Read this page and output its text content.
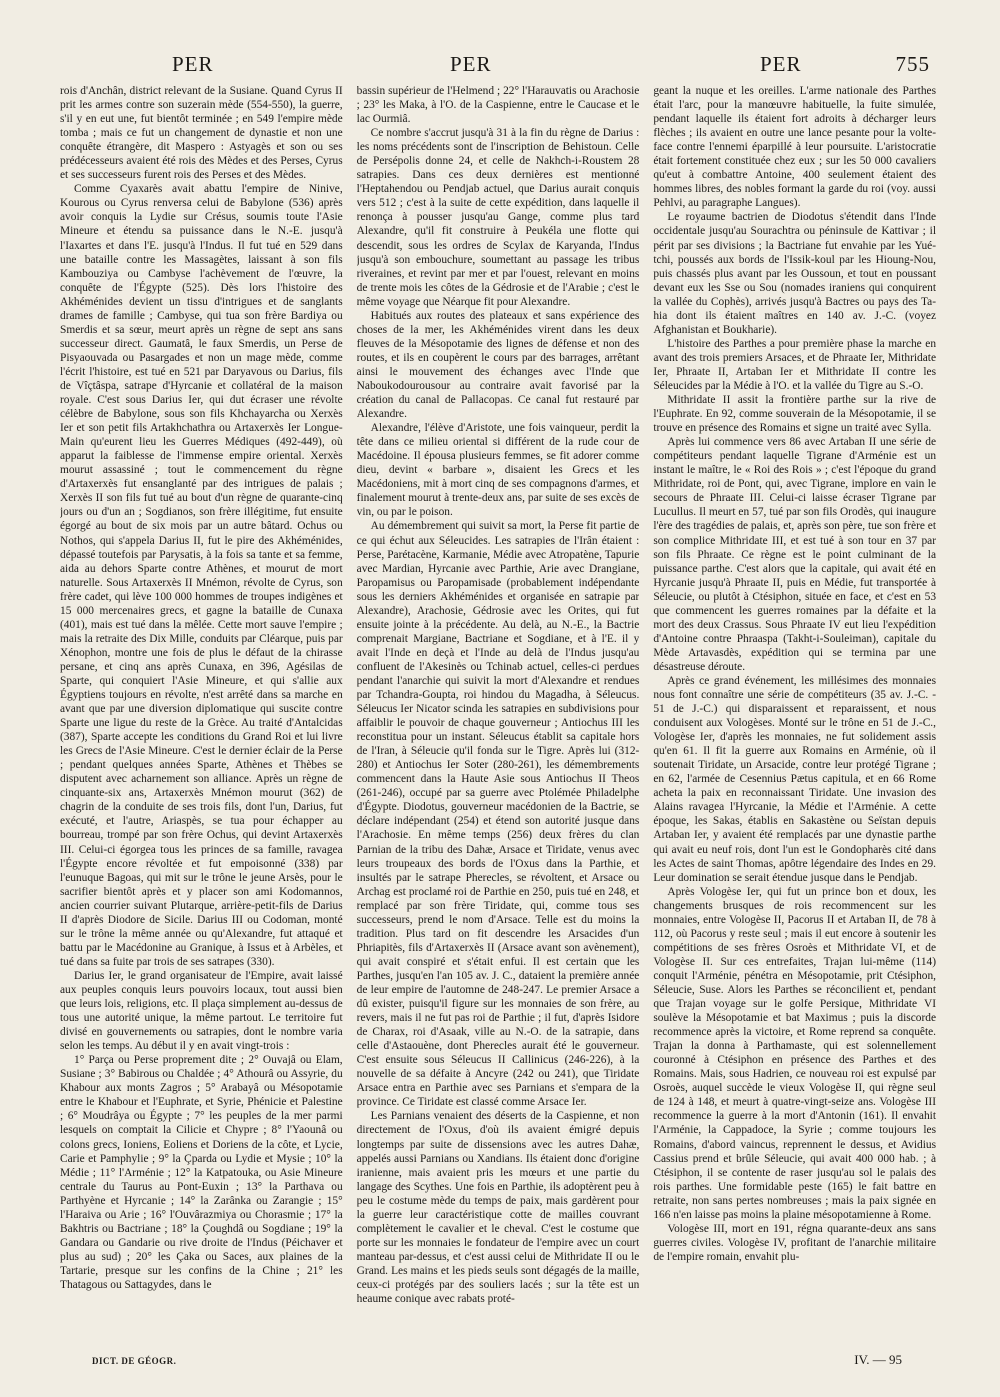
PER	PER	PER	755

rois d'Anchân, district relevant de la Susiane. Quand Cyrus II prit les armes contre son suzerain mède (554-550), la guerre, s'il y en eut une, fut bientôt terminée ; en 549 l'empire mède tomba ; mais ce fut un changement de dynastie et non une conquête étrangère, dit Maspero : Astyagès et son ou ses prédécesseurs avaient été rois des Mèdes et des Perses, Cyrus et ses successeurs furent rois des Perses et des Mèdes.

Comme Cyaxarès avait abattu l'empire de Ninive, Kourous ou Cyrus renversa celui de Babylone (536) après avoir conquis la Lydie sur Crésus, soumis toute l'Asie Mineure et étendu sa puissance dans le N.-E. jusqu'à l'Iaxartes et dans l'E. jusqu'à l'Indus. Il fut tué en 529 dans une bataille contre les Massagètes, laissant à son fils Kambouziya ou Cambyse l'achèvement de l'œuvre, la conquête de l'Égypte (525). Dès lors l'histoire des Akhéménides devient un tissu d'intrigues et de sanglants drames de famille ; Cambyse, qui tua son frère Bardiya ou Smerdis et sa sœur, meurt après un règne de sept ans sans successeur direct. Gaumatâ, le faux Smerdis, un Perse de Pisyaouvada ou Pasargades et non un mage mède, comme l'écrit l'histoire, est tué en 521 par Daryavous ou Darius, fils de Vîçtâspa, satrape d'Hyrcanie et collatéral de la maison royale. C'est sous Darius Ier, qui dut écraser une révolte célèbre de Babylone, sous son fils Khchayarcha ou Xerxès Ier et son petit fils Artakhchathra ou Artaxerxès Ier Longue-Main qu'eurent lieu les Guerres Médiques (492-449), où apparut la faiblesse de l'immense empire oriental. Xerxès mourut assassiné ; tout le commencement du règne d'Artaxerxès fut ensanglanté par des intrigues de palais ; Xerxès II son fils fut tué au bout d'un règne de quarante-cinq jours ou d'un an ; Sogdianos, son frère illégitime, fut ensuite égorgé au bout de six mois par un autre bâtard. Ochus ou Nothos, qui s'appela Darius II, fut le pire des Akhéménides, dépassé toutefois par Parysatis, à la fois sa tante et sa femme, aida au dehors Sparte contre Athènes, et mourut de mort naturelle. Sous Artaxerxès II Mnémon, révolte de Cyrus, son frère cadet, qui lève 100 000 hommes de troupes indigènes et 15 000 mercenaires grecs, et gagne la bataille de Cunaxa (401), mais est tué dans la mêlée. Cette mort sauve l'empire ; mais la retraite des Dix Mille, conduits par Cléarque, puis par Xénophon, montre une fois de plus le défaut de la chirasse persane, et cinq ans après Cunaxa, en 396, Agésilas de Sparte, qui conquiert l'Asie Mineure, et qui s'allie aux Égyptiens toujours en révolte, n'est arrêté dans sa marche en avant que par une diversion diplomatique qui suscite contre Sparte une ligue du reste de la Grèce. Au traité d'Antalcidas (387), Sparte accepte les conditions du Grand Roi et lui livre les Grecs de l'Asie Mineure. C'est le dernier éclair de la Perse ; pendant quelques années Sparte, Athènes et Thèbes se disputent avec acharnement son alliance. Après un règne de cinquante-six ans, Artaxerxès Mnémon mourut (362) de chagrin de la conduite de ses trois fils, dont l'un, Darius, fut exécuté, et l'autre, Ariaspès, se tua pour échapper au bourreau, trompé par son frère Ochus, qui devint Artaxerxès III. Celui-ci égorgea tous les princes de sa famille, ravagea l'Égypte encore révoltée et fut empoisonné (338) par l'eunuque Bagoas, qui mit sur le trône le jeune Arsès, pour le sacrifier bientôt après et y placer son ami Kodomannos, ancien courrier suivant Plutarque, arrière-petit-fils de Darius II d'après Diodore de Sicile. Darius III ou Codoman, monté sur le trône la même année ou qu'Alexandre, fut attaqué et battu par le Macédonine au Granique, à Issus et à Arbèles, et tué dans sa fuite par trois de ses satrapes (330).

Darius Ier, le grand organisateur de l'Empire, avait laissé aux peuples conquis leurs pouvoirs locaux, tout aussi bien que leurs lois, religions, etc. Il plaça simplement au-dessus de tous une autorité unique, la même partout. Le territoire fut divisé en gouvernements ou satrapies, dont le nombre varia selon les temps. Au début il y en avait vingt-trois :

1° Parça ou Perse proprement dite ; 2° Ouvajâ ou Elam, Susiane ; 3° Babirous ou Chaldée ; 4° Athourâ ou Assyrie, du Khabour aux monts Zagros ; 5° Arabayâ ou Mésopotamie entre le Khabour et l'Euphrate, et Syrie, Phénicie et Palestine ; 6° Moudrâya ou Égypte ; 7° les peuples de la mer parmi lesquels on comptait la Cilicie et Chypre ; 8° l'Yaounâ ou colons grecs, Ioniens, Eoliens et Doriens de la côte, et Lycie, Carie et Pamphylie ; 9° la Çparda ou Lydie et Mysie ; 10° la Médie ; 11° l'Arménie ; 12° la Katpatouka, ou Asie Mineure centrale du Taurus au Pont-Euxin ; 13° la Parthava ou Parthyène et Hyrcanie ; 14° la Zarânka ou Zarangie ; 15° l'Haraiva ou Arie ; 16° l'Ouvârazmiya ou Chorasmie ; 17° la Bakhtris ou Bactriane ; 18° la Çoughdâ ou Sogdiane ; 19° la Gandara ou Gandarie ou rive droite de l'Indus (Péichaver et plus au sud) ; 20° les Çaka ou Saces, aux plaines de la Tartarie, presque sur les confins de la Chine ; 21° les Thatagous ou Sattagydes, dans le

bassin supérieur de l'Helmend ; 22° l'Harauvatis ou Arachosie ; 23° les Maka, à l'O. de la Caspienne, entre le Caucase et le lac Ourmiâ.

Ce nombre s'accrut jusqu'à 31 à la fin du règne de Darius : les noms précédents sont de l'inscription de Behistoun. Celle de Persépolis donne 24, et celle de Nakhch-i-Roustem 28 satrapies. Dans ces deux dernières est mentionné l'Heptahendou ou Pendjab actuel, que Darius aurait conquis vers 512 ; c'est à la suite de cette expédition, dans laquelle il renonça à pousser jusqu'au Gange, comme plus tard Alexandre, qu'il fit construire à Peukéla une flotte qui descendit, sous les ordres de Scylax de Karyanda, l'Indus jusqu'à son embouchure, soumettant au passage les tribus riveraines, et revint par mer et par l'ouest, relevant en moins de trente mois les côtes de la Gédrosie et de l'Arabie ; c'est le même voyage que Néarque fit pour Alexandre.

Habitués aux routes des plateaux et sans expérience des choses de la mer, les Akhéménides virent dans les deux fleuves de la Mésopotamie des lignes de défense et non des routes, et ils en coupèrent le cours par des barrages, arrêtant ainsi le mouvement des échanges avec l'Inde que Naboukodourousour au contraire avait favorisé par la création du canal de Pallacopas. Ce canal fut restauré par Alexandre.

Alexandre, l'élève d'Aristote, une fois vainqueur, perdit la tête dans ce milieu oriental si différent de la rude cour de Macédoine. Il épousa plusieurs femmes, se fit adorer comme dieu, devint « barbare », disaient les Grecs et les Macédoniens, mit à mort cinq de ses compagnons d'armes, et finalement mourut à trente-deux ans, par suite de ses excès de vin, ou par le poison.

Au démembrement qui suivit sa mort, la Perse fit partie de ce qui échut aux Séleucides. Les satrapies de l'Irân étaient : Perse, Parétacène, Karmanie, Médie avec Atropatène, Tapurie avec Mardian, Hyrcanie avec Parthie, Arie avec Drangiane, Paropamisus ou Paropamisade (probablement indépendante sous les derniers Akhéménides et organisée en satrapie par Alexandre), Arachosie, Gédrosie avec les Orites, qui fut ensuite jointe à la précédente. Au delà, au N.-E., la Bactrie comprenait Margiane, Bactriane et Sogdiane, et à l'E. il y avait l'Inde en deçà et l'Inde au delà de l'Indus jusqu'au confluent de l'Akesinès ou Tchinab actuel, celles-ci perdues pendant l'anarchie qui suivit la mort d'Alexandre et rendues par Tchandra-Goupta, roi hindou du Magadha, à Séleucus. Séleucus Ier Nicator scinda les satrapies en subdivisions pour affaiblir le pouvoir de chaque gouverneur ; Antiochus III les reconstitua pour un instant. Séleucus établit sa capitale hors de l'Iran, à Séleucie qu'il fonda sur le Tigre. Après lui (312-280) et Antiochus Ier Soter (280-261), les démembrements commencent dans la Haute Asie sous Antiochus II Theos (261-246), occupé par sa guerre avec Ptolémée Philadelphe d'Égypte. Diodotus, gouverneur macédonien de la Bactrie, se déclare indépendant (254) et étend son autorité jusque dans l'Arachosie. En même temps (256) deux frères du clan Parnian de la tribu des Dahæ, Arsace et Tiridate, venus avec leurs troupeaux des bords de l'Oxus dans la Parthie, et insultés par le satrape Pherecles, se révoltent, et Arsace ou Archag est proclamé roi de Parthie en 250, puis tué en 248, et remplacé par son frère Tiridate, qui, comme tous ses successeurs, prend le nom d'Arsace. Telle est du moins la tradition. Plus tard on fit descendre les Arsacides d'un Phriapitès, fils d'Artaxerxès II (Arsace avant son avènement), qui avait conspiré et s'était enfui. Il est certain que les Parthes, jusqu'en l'an 105 av. J. C., dataient la première année de leur empire de l'automne de 248-247. Le premier Arsace a dû exister, puisqu'il figure sur les monnaies de son frère, au revers, mais il ne fut pas roi de Parthie ; il fut, d'après Isidore de Charax, roi d'Asaak, ville au N.-O. de la satrapie, dans celle d'Astaouène, dont Pherecles aurait été le gouverneur. C'est ensuite sous Séleucus II Callinicus (246-226), à la nouvelle de sa défaite à Ancyre (242 ou 241), que Tiridate Arsace entra en Parthie avec ses Parnians et s'empara de la province. Ce Tiridate est classé comme Arsace Ier.

Les Parnians venaient des déserts de la Caspienne, et non directement de l'Oxus, d'où ils avaient émigré depuis longtemps par suite de dissensions avec les autres Dahæ, appelés aussi Parnians ou Xandians. Ils étaient donc d'origine iranienne, mais avaient pris les mœurs et une partie du langage des Scythes. Une fois en Parthie, ils adoptèrent peu à peu le costume mède du temps de paix, mais gardèrent pour la guerre leur caractéristique cotte de mailles couvrant complètement le cavalier et le cheval. C'est le costume que porte sur les monnaies le fondateur de l'empire avec un court manteau par-dessus, et c'est aussi celui de Mithridate II ou le Grand. Les mains et les pieds seuls sont dégagés de la maille, ceux-ci protégés par des souliers lacés ; sur la tête est un heaume conique avec rabats proté-

geant la nuque et les oreilles. L'arme nationale des Parthes était l'arc, pour la manœuvre habituelle, la fuite simulée, pendant laquelle ils étaient fort adroits à décharger leurs flèches ; ils avaient en outre une lance pesante pour la volte-face contre l'ennemi éparpillé à leur poursuite. L'aristocratie était fortement constituée chez eux ; sur les 50 000 cavaliers qu'eut à combattre Antoine, 400 seulement étaient des hommes libres, des nobles formant la garde du roi (voy. aussi Pehlvi, au paragraphe Langues).

Le royaume bactrien de Diodotus s'étendit dans l'Inde occidentale jusqu'au Sourachtra ou péninsule de Kattivar ; il périt par ses divisions ; la Bactriane fut envahie par les Yué-tchi, poussés aux bords de l'Issik-koul par les Hioung-Nou, puis chassés plus avant par les Oussoun, et tout en poussant devant eux les Sse ou Sou (nomades iraniens qui conquirent la vallée du Cophès), arrivés jusqu'à Bactres ou pays des Ta-hia dont ils étaient maîtres en 140 av. J.-C. (voyez Afghanistan et Boukharie).

L'histoire des Parthes a pour première phase la marche en avant des trois premiers Arsaces, et de Phraate Ier, Mithridate Ier, Phraate II, Artaban Ier et Mithridate II contre les Séleucides par la Médie à l'O. et la vallée du Tigre au S.-O.

Mithridate II assit la frontière parthe sur la rive de l'Euphrate. En 92, comme souverain de la Mésopotamie, il se trouve en présence des Romains et signe un traité avec Sylla.

Après lui commence vers 86 avec Artaban II une série de compétiteurs pendant laquelle Tigrane d'Arménie est un instant le maître, le « Roi des Rois » ; c'est l'époque du grand Mithridate, roi de Pont, qui, avec Tigrane, implore en vain le secours de Phraate III. Celui-ci laisse écraser Tigrane par Lucullus. Il meurt en 57, tué par son fils Orodès, qui inaugure l'ère des tragédies de palais, et, après son père, tue son frère et son complice Mithridate III, et est tué à son tour en 37 par son fils Phraate. Ce règne est le point culminant de la puissance parthe. C'est alors que la capitale, qui avait été en Hyrcanie jusqu'à Phraate II, puis en Médie, fut transportée à Séleucie, ou plutôt à Ctésiphon, située en face, et c'est en 53 que commencent les guerres romaines par la défaite et la mort des deux Crassus. Sous Phraate IV eut lieu l'expédition d'Antoine contre Phraaspa (Takht-i-Souleiman), capitale du Mède Artavasdès, expédition qui se termina par une désastreuse déroute.

Après ce grand événement, les millésimes des monnaies nous font connaître une série de compétiteurs (35 av. J.-C. - 51 de J.-C.) qui disparaissent et reparaissent, et nous conduisent aux Vologèses. Monté sur le trône en 51 de J.-C., Vologèse Ier, d'après les monnaies, ne fut solidement assis qu'en 61. Il fit la guerre aux Romains en Arménie, où il soutenait Tiridate, un Arsacide, contre leur protégé Tigrane ; en 62, l'armée de Cesennius Pætus capitula, et en 66 Rome acheta la paix en reconnaissant Tiridate. Une invasion des Alains ravagea l'Hyrcanie, la Médie et l'Arménie. A cette époque, les Sakas, établis en Sakastène ou Seïstan depuis Artaban Ier, y avaient été remplacés par une dynastie parthe qui avait eu neuf rois, dont l'un est le Gondopharès cité dans les Actes de saint Thomas, apôtre légendaire des Indes en 29. Leur domination se serait étendue jusque dans le Pendjab.

Après Vologèse Ier, qui fut un prince bon et doux, les changements brusques de rois recommencent sur les monnaies, entre Vologèse II, Pacorus II et Artaban II, de 78 à 112, où Pacorus y reste seul ; mais il eut encore à soutenir les compétitions de ses frères Osroès et Mithridate VI, et de Vologèse II. Sur ces entrefaites, Trajan lui-même (114) conquit l'Arménie, pénétra en Mésopotamie, prit Ctésiphon, Séleucie, Suse. Alors les Parthes se réconcilient et, pendant que Trajan voyage sur le golfe Persique, Mithridate VI soulève la Mésopotamie et bat Maximus ; puis la discorde recommence après la victoire, et Rome reprend sa conquête. Trajan la donna à Parthamaste, qui est solennellement couronné à Ctésiphon en présence des Parthes et des Romains. Mais, sous Hadrien, ce nouveau roi est expulsé par Osroès, auquel succède le vieux Vologèse II, qui règne seul de 124 à 148, et meurt à quatre-vingt-seize ans. Vologèse III recommence la guerre à la mort d'Antonin (161). Il envahit l'Arménie, la Cappadoce, la Syrie ; comme toujours les Romains, d'abord vaincus, reprennent le dessus, et Avidius Cassius prend et brûle Séleucie, qui avait 400 000 hab. ; à Ctésiphon, il se contente de raser jusqu'au sol le palais des rois parthes. Une formidable peste (165) le fait battre en retraite, non sans pertes nombreuses ; mais la paix signée en 166 n'en laisse pas moins la plaine mésopotamienne à Rome.

Vologèse III, mort en 191, régna quarante-deux ans sans guerres civiles. Vologèse IV, profitant de l'anarchie militaire de l'empire romain, envahit plu-

DICT. DE GÉOGR.	IV. — 95
